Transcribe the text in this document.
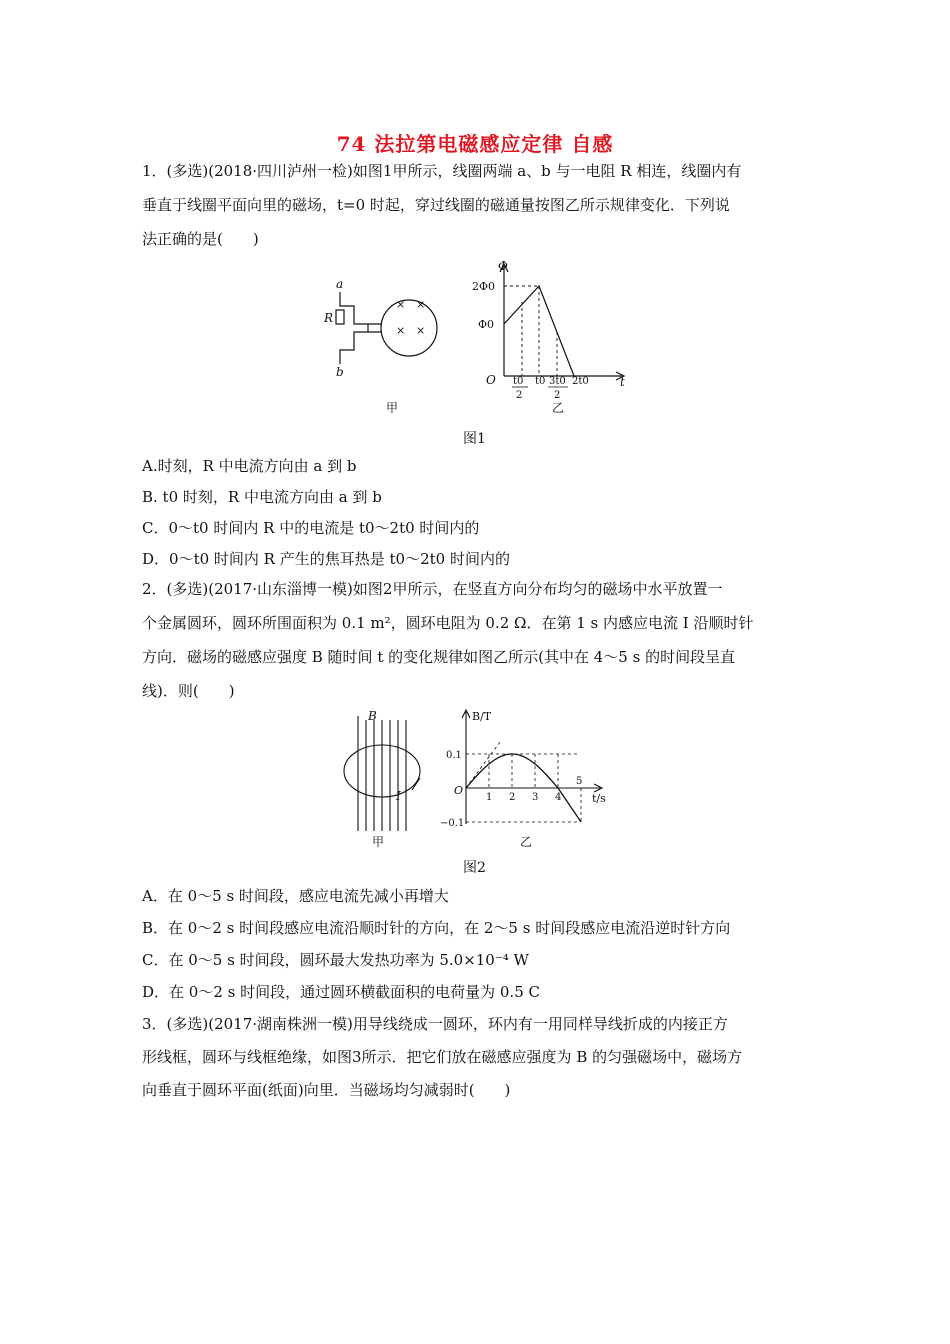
74 法拉第电磁感应定律 自感
1．(多选)(2018·四川泸州一检)如图1甲所示，线圈两端 a、b 与一电阻 R 相连，线圈内有
垂直于线圈平面向里的磁场，t=0 时起，穿过线圈的磁通量按图乙所示规律变化．下列说
法正确的是(　　)
a
b
R
× ×
× ×
甲
Φ
t
O
2Φ0
Φ0
t0
2
t0 3t0
2
2t0
乙
图1
A.时刻，R 中电流方向由 a 到 b
B. t0 时刻，R 中电流方向由 a 到 b
C．0～t0 时间内 R 中的电流是 t0～2t0 时间内的
D．0～t0 时间内 R 产生的焦耳热是 t0～2t0 时间内的
2．(多选)(2017·山东淄博一模)如图2甲所示，在竖直方向分布均匀的磁场中水平放置一
个金属圆环，圆环所围面积为 0.1 m²，圆环电阻为 0.2 Ω．在第 1 s 内感应电流 I 沿顺时针
方向．磁场的磁感应强度 B 随时间 t 的变化规律如图乙所示(其中在 4～5 s 的时间段呈直
线)．则(　　)
B
I
甲
B/T
t/s
O
0.1
−0.1
1 2 3 4
5
乙
图2
A．在 0～5 s 时间段，感应电流先减小再增大
B．在 0～2 s 时间段感应电流沿顺时针的方向，在 2～5 s 时间段感应电流沿逆时针方向
C．在 0～5 s 时间段，圆环最大发热功率为 5.0×10⁻⁴ W
D．在 0～2 s 时间段，通过圆环横截面积的电荷量为 0.5 C
3．(多选)(2017·湖南株洲一模)用导线绕成一圆环，环内有一用同样导线折成的内接正方
形线框，圆环与线框绝缘，如图3所示．把它们放在磁感应强度为 B 的匀强磁场中，磁场方
向垂直于圆环平面(纸面)向里．当磁场均匀减弱时(　　)
